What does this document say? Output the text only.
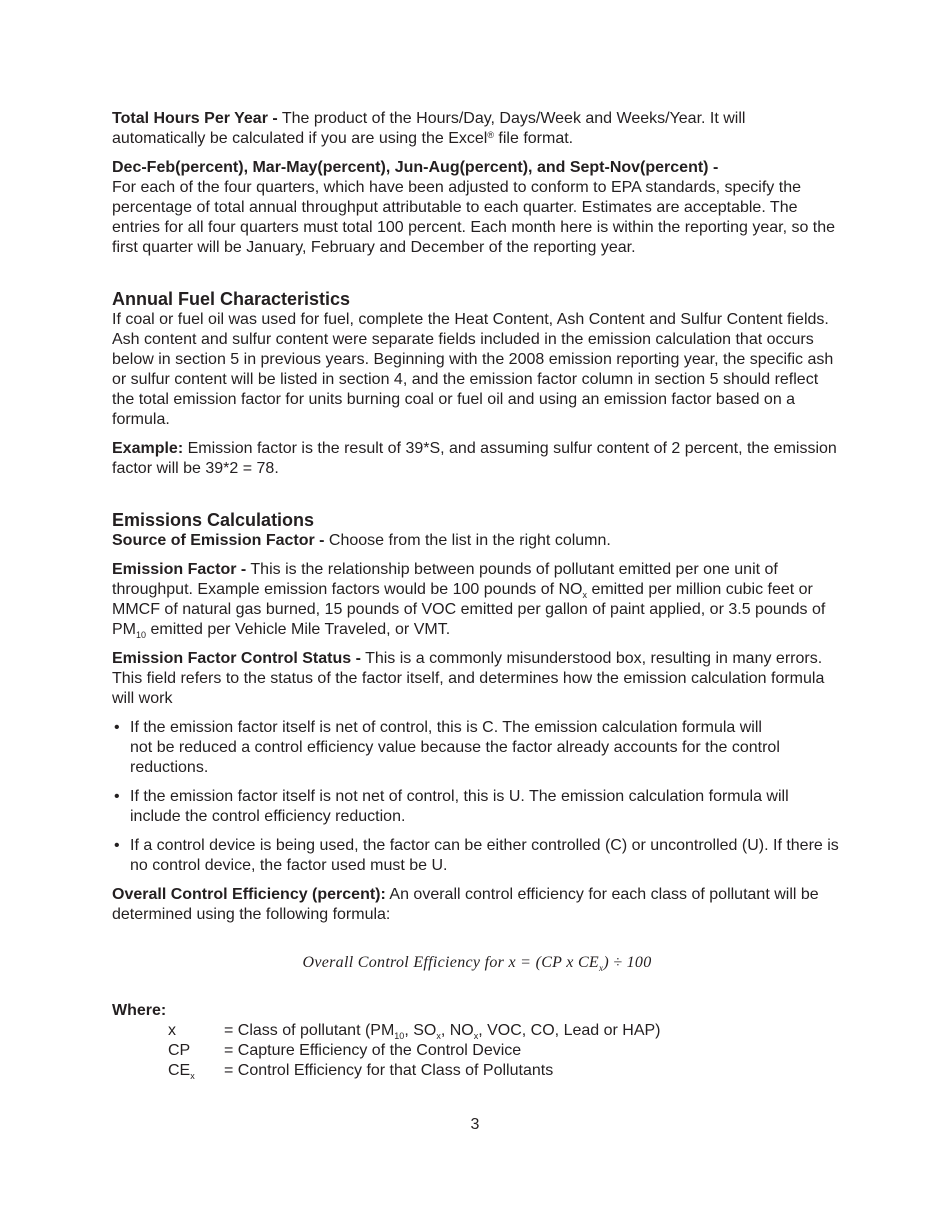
Total Hours Per Year - The product of the Hours/Day, Days/Week and Weeks/Year. It will automatically be calculated if you are using the Excel® file format.

Dec-Feb(percent), Mar-May(percent), Jun-Aug(percent), and Sept-Nov(percent) -

For each of the four quarters, which have been adjusted to conform to EPA standards, specify the percentage of total annual throughput attributable to each quarter. Estimates are acceptable. The entries for all four quarters must total 100 percent. Each month here is within the reporting year, so the first quarter will be January, February and December of the reporting year.

Annual Fuel Characteristics

If coal or fuel oil was used for fuel, complete the Heat Content, Ash Content and Sulfur Content fields. Ash content and sulfur content were separate fields included in the emission calculation that occurs below in section 5 in previous years. Beginning with the 2008 emission reporting year, the specific ash or sulfur content will be listed in section 4, and the emission factor column in section 5 should reflect the total emission factor for units burning coal or fuel oil and using an emission factor based on a formula.

Example: Emission factor is the result of 39*S, and assuming sulfur content of 2 percent, the emission factor will be 39*2 = 78.

Emissions Calculations

Source of Emission Factor - Choose from the list in the right column.

Emission Factor - This is the relationship between pounds of pollutant emitted per one unit of throughput. Example emission factors would be 100 pounds of $NO_x$ emitted per million cubic feet or MMCF of natural gas burned, 15 pounds of VOC emitted per gallon of paint applied, or 3.5 pounds of $PM_{10}$ emitted per Vehicle Mile Traveled, or VMT.

Emission Factor Control Status - This is a commonly misunderstood box, resulting in many errors. This field refers to the status of the factor itself, and determines how the emission calculation formula will work

• If the emission factor itself is net of control, this is C. The emission calculation formula will not be reduced a control efficiency value because the factor already accounts for the control reductions.
• If the emission factor itself is not net of control, this is U. The emission calculation formula will include the control efficiency reduction.
• If a control device is being used, the factor can be either controlled (C) or uncontrolled (U). If there is no control device, the factor used must be U.

Overall Control Efficiency (percent): An overall control efficiency for each class of pollutant will be determined using the following formula:

Overall Control Efficiency for x = (CP x $CE_x) \div 100$

Where:

x	= Class of pollutant ($PM_{10}$, $SO_x$, $NO_x$, VOC, CO, Lead or HAP)
CP	= Capture Efficiency of the Control Device
$CE_x$	= Control Efficiency for that Class of Pollutants
3
